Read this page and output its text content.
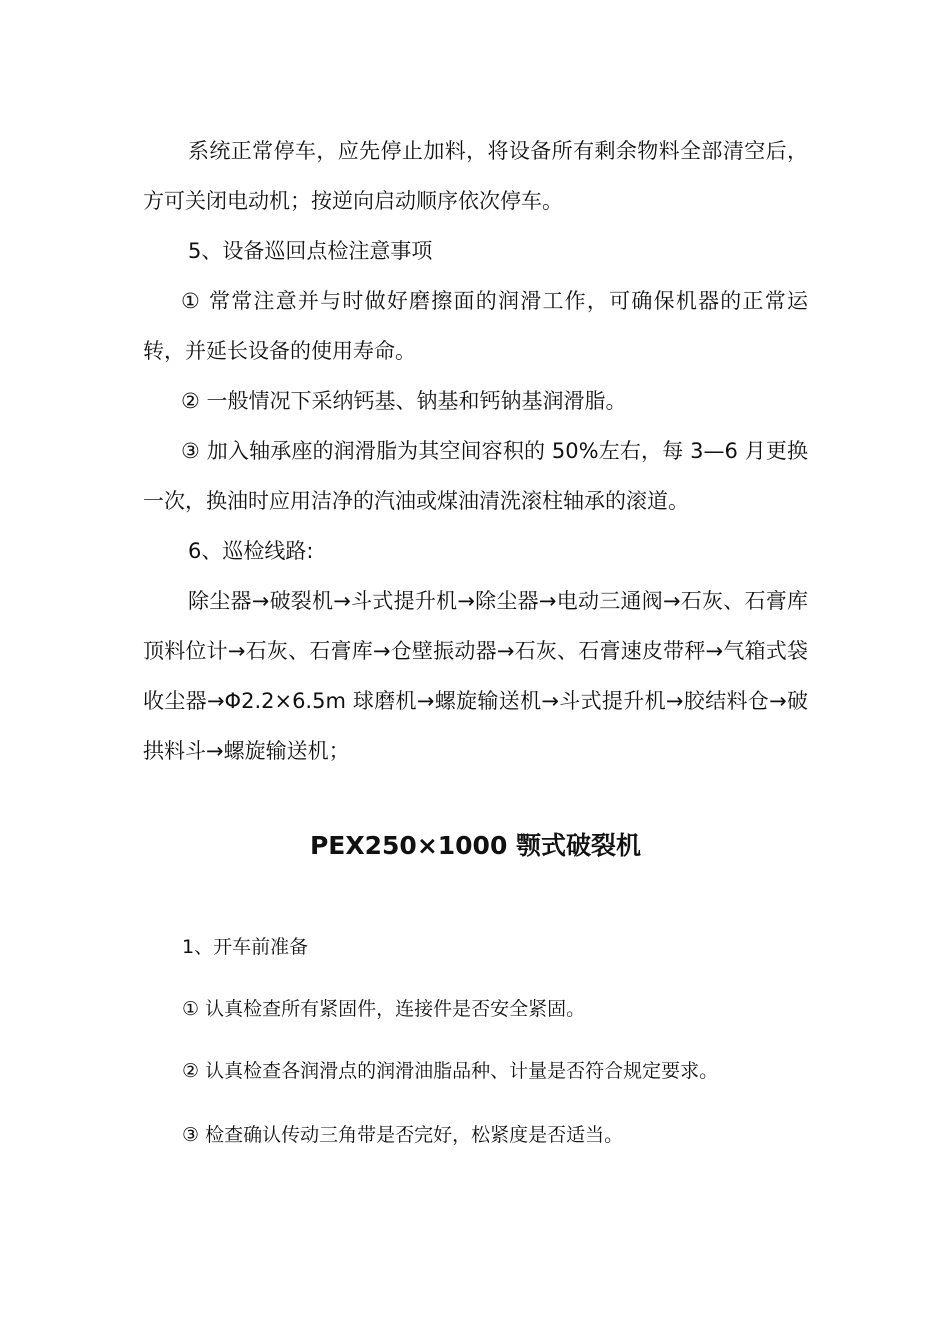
系统正常停车，应先停止加料，将设备所有剩余物料全部清空后，方可关闭电动机；按逆向启动顺序依次停车。

5、设备巡回点检注意事项

① 常常注意并与时做好磨擦面的润滑工作，可确保机器的正常运转，并延长设备的使用寿命。

② 一般情况下采纳钙基、钠基和钙钠基润滑脂。

③ 加入轴承座的润滑脂为其空间容积的 50%左右，每 3—6 月更换一次，换油时应用洁净的汽油或煤油清洗滚柱轴承的滚道。

6、巡检线路:

除尘器→破裂机→斗式提升机→除尘器→电动三通阀→石灰、石膏库顶料位计→石灰、石膏库→仓壁振动器→石灰、石膏速皮带秤→气箱式袋收尘器→Φ2.2×6.5m 球磨机→螺旋输送机→斗式提升机→胶结料仓→破拱料斗→螺旋输送机；

PEX250×1000 颚式破裂机

1、开车前准备

① 认真检查所有紧固件，连接件是否安全紧固。

② 认真检查各润滑点的润滑油脂品种、计量是否符合规定要求。

③ 检查确认传动三角带是否完好，松紧度是否适当。
